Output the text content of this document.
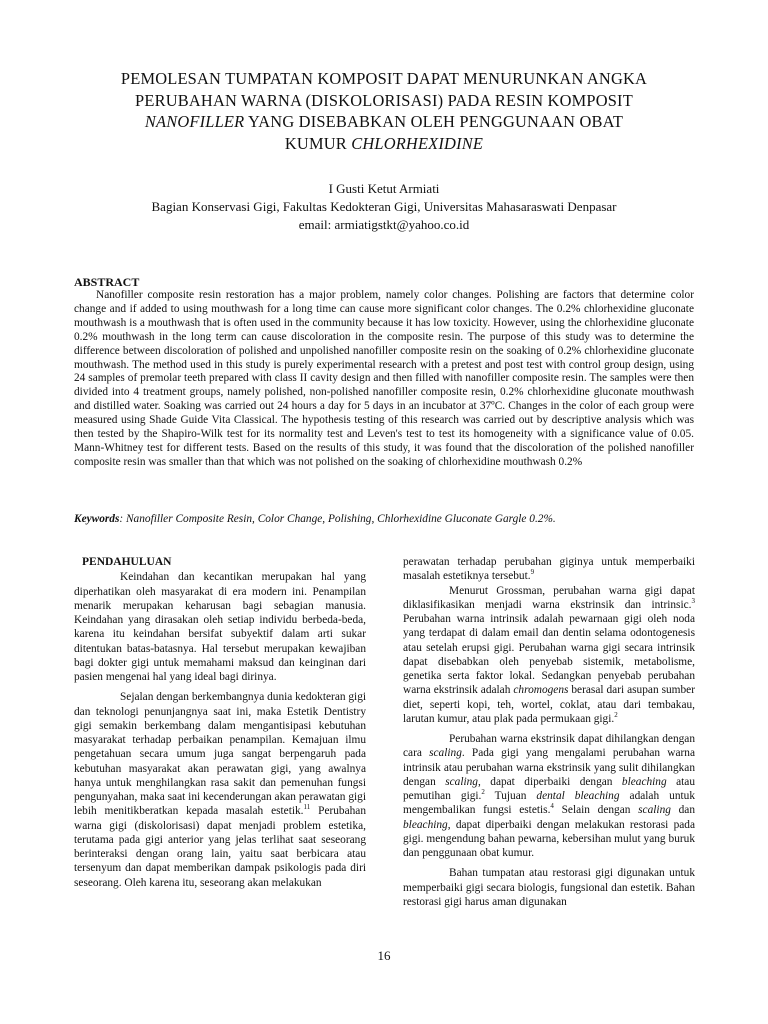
PEMOLESAN TUMPATAN KOMPOSIT DAPAT MENURUNKAN ANGKA
PERUBAHAN WARNA (DISKOLORISASI) PADA RESIN KOMPOSIT
NANOFILLER YANG DISEBABKAN OLEH PENGGUNAAN OBAT
KUMUR CHLORHEXIDINE
I Gusti Ketut Armiati
Bagian Konservasi Gigi, Fakultas Kedokteran Gigi, Universitas Mahasaraswati Denpasar
email: armiatigstkt@yahoo.co.id
ABSTRACT

Nanofiller composite resin restoration has a major problem, namely color changes. Polishing are factors that determine color change and if added to using mouthwash for a long time can cause more significant color changes. The 0.2% chlorhexidine gluconate mouthwash is a mouthwash that is often used in the community because it has low toxicity. However, using the chlorhexidine gluconate 0.2% mouthwash in the long term can cause discoloration in the composite resin. The purpose of this study was to determine the difference between discoloration of polished and unpolished nanofiller composite resin on the soaking of 0.2% chlorhexidine gluconate mouthwash. The method used in this study is purely experimental research with a pretest and post test with control group design, using 24 samples of premolar teeth prepared with class II cavity design and then filled with nanofiller composite resin. The samples were then divided into 4 treatment groups, namely polished, non-polished nanofiller composite resin, 0.2% chlorhexidine gluconate mouthwash and distilled water. Soaking was carried out 24 hours a day for 5 days in an incubator at 37ºC. Changes in the color of each group were measured using Shade Guide Vita Classical. The hypothesis testing of this research was carried out by descriptive analysis which was then tested by the Shapiro-Wilk test for its normality test and Leven's test to test its homogeneity with a significance value of 0.05. Mann-Whitney test for different tests. Based on the results of this study, it was found that the discoloration of the polished nanofiller composite resin was smaller than that which was not polished on the soaking of chlorhexidine mouthwash 0.2%

Keywords: Nanofiller Composite Resin, Color Change, Polishing, Chlorhexidine Gluconate Gargle 0.2%.
PENDAHULUAN

Keindahan dan kecantikan merupakan hal yang diperhatikan oleh masyarakat di era modern ini. Penampilan menarik merupakan keharusan bagi sebagian manusia. Keindahan yang dirasakan oleh setiap individu berbeda-beda, karena itu keindahan bersifat subyektif dalam arti sukar ditentukan batas-batasnya. Hal tersebut merupakan kewajiban bagi dokter gigi untuk memahami maksud dan keinginan dari pasien mengenai hal yang ideal bagi dirinya.

Sejalan dengan berkembangnya dunia kedokteran gigi dan teknologi penunjangnya saat ini, maka Estetik Dentistry gigi semakin berkembang dalam mengantisipasi kebutuhan masyarakat terhadap perbaikan penampilan. Kemajuan ilmu pengetahuan secara umum juga sangat berpengaruh pada kebutuhan masyarakat akan perawatan gigi, yang awalnya hanya untuk menghilangkan rasa sakit dan pemenuhan fungsi pengunyahan, maka saat ini kecenderungan akan perawatan gigi lebih menitikberatkan kepada masalah estetik.$^{11}$ Perubahan warna gigi (diskolorisasi) dapat menjadi problem estetika, terutama pada gigi anterior yang jelas terlihat saat seseorang berinteraksi dengan orang lain, yaitu saat berbicara atau tersenyum dan dapat memberikan dampak psikologis pada diri seseorang. Oleh karena itu, seseorang akan melakukan

perawatan terhadap perubahan giginya untuk memperbaiki masalah estetiknya tersebut.$^9$

Menurut Grossman, perubahan warna gigi dapat diklasifikasikan menjadi warna ekstrinsik dan intrinsic.$^3$ Perubahan warna intrinsik adalah pewarnaan gigi oleh noda yang terdapat di dalam email dan dentin selama odontogenesis atau setelah erupsi gigi. Perubahan warna gigi secara intrinsik dapat disebabkan oleh penyebab sistemik, metabolisme, genetika serta faktor lokal. Sedangkan penyebab perubahan warna ekstrinsik adalah chromogens berasal dari asupan sumber diet, seperti kopi, teh, wortel, coklat, atau dari tembakau, larutan kumur, atau plak pada permukaan gigi.$^2$

Perubahan warna ekstrinsik dapat dihilangkan dengan cara scaling. Pada gigi yang mengalami perubahan warna intrinsik atau perubahan warna ekstrinsik yang sulit dihilangkan dengan scaling, dapat diperbaiki dengan bleaching atau pemutihan gigi.$^2$ Tujuan dental bleaching adalah untuk mengembalikan fungsi estetis.$^4$ Selain dengan scaling dan bleaching, dapat diperbaiki dengan melakukan restorasi pada gigi. mengendung bahan pewarna, kebersihan mulut yang buruk dan penggunaan obat kumur.

Bahan tumpatan atau restorasi gigi digunakan untuk memperbaiki gigi secara biologis, fungsional dan estetik. Bahan restorasi gigi harus aman digunakan

16
